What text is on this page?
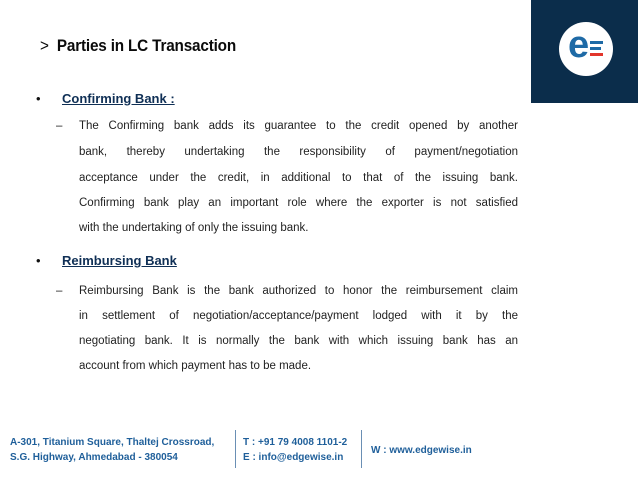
e
> Parties in LC Transaction
• Confirming Bank :
– The Confirming bank adds its guarantee to the credit opened by another
bank, thereby undertaking the responsibility of payment/negotiation
acceptance under the credit, in additional to that of the issuing bank.
Confirming bank play an important role where the exporter is not satisfied
with the undertaking of only the issuing bank.
• Reimbursing Bank
– Reimbursing Bank is the bank authorized to honor the reimbursement claim
in settlement of negotiation/acceptance/payment lodged with it by the
negotiating bank. It is normally the bank with which issuing bank has an
account from which payment has to be made.
A-301, Titanium Square, Thaltej Crossroad,
S.G. Highway, Ahmedabad - 380054
T : +91 79 4008 1101-2
E : info@edgewise.in
W : www.edgewise.in
